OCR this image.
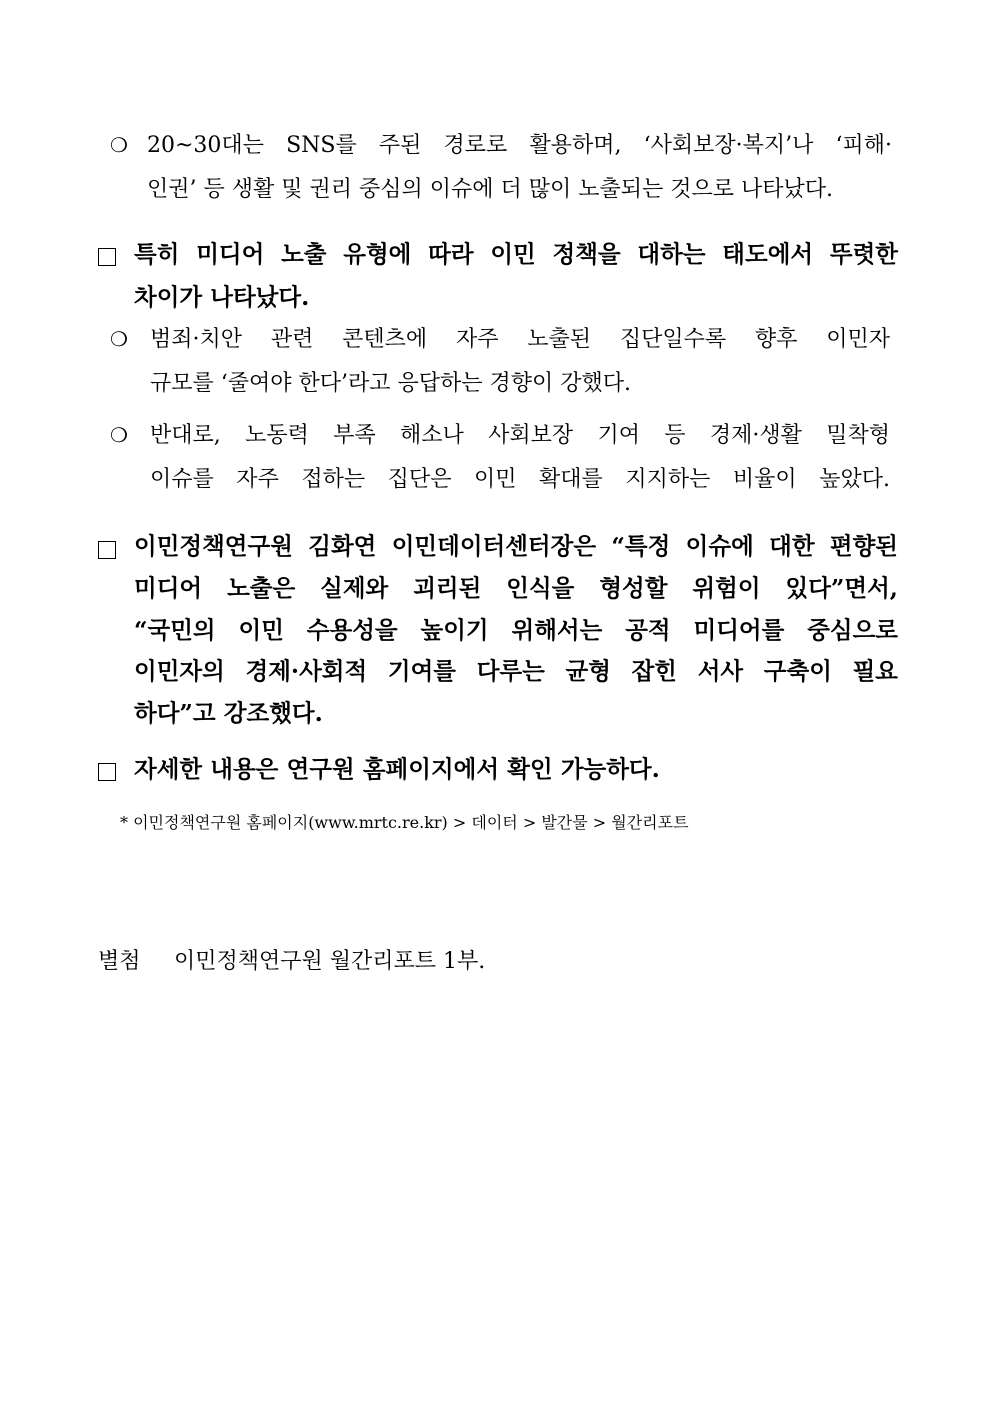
❍ 20~30대는 SNS를 주된 경로로 활용하며, ‘사회보장·복지’나 ‘피해·
인권’ 등 생활 및 권리 중심의 이슈에 더 많이 노출되는 것으로 나타났다.
특히 미디어 노출 유형에 따라 이민 정책을 대하는 태도에서 뚜렷한
차이가 나타났다.
❍ 범죄·치안 관련 콘텐츠에 자주 노출된 집단일수록 향후 이민자
규모를 ‘줄여야 한다’라고 응답하는 경향이 강했다.
❍ 반대로, 노동력 부족 해소나 사회보장 기여 등 경제·생활 밀착형
이슈를 자주 접하는 집단은 이민 확대를 지지하는 비율이 높았다.
이민정책연구원 김화연 이민데이터센터장은 “특정 이슈에 대한 편향된
미디어 노출은 실제와 괴리된 인식을 형성할 위험이 있다”면서,
“국민의 이민 수용성을 높이기 위해서는 공적 미디어를 중심으로
이민자의 경제·사회적 기여를 다루는 균형 잡힌 서사 구축이 필요
하다”고 강조했다.
자세한 내용은 연구원 홈페이지에서 확인 가능하다.
* 이민정책연구원 홈페이지(www.mrtc.re.kr) > 데이터 > 발간물 > 월간리포트
별첨 이민정책연구원 월간리포트 1부.
